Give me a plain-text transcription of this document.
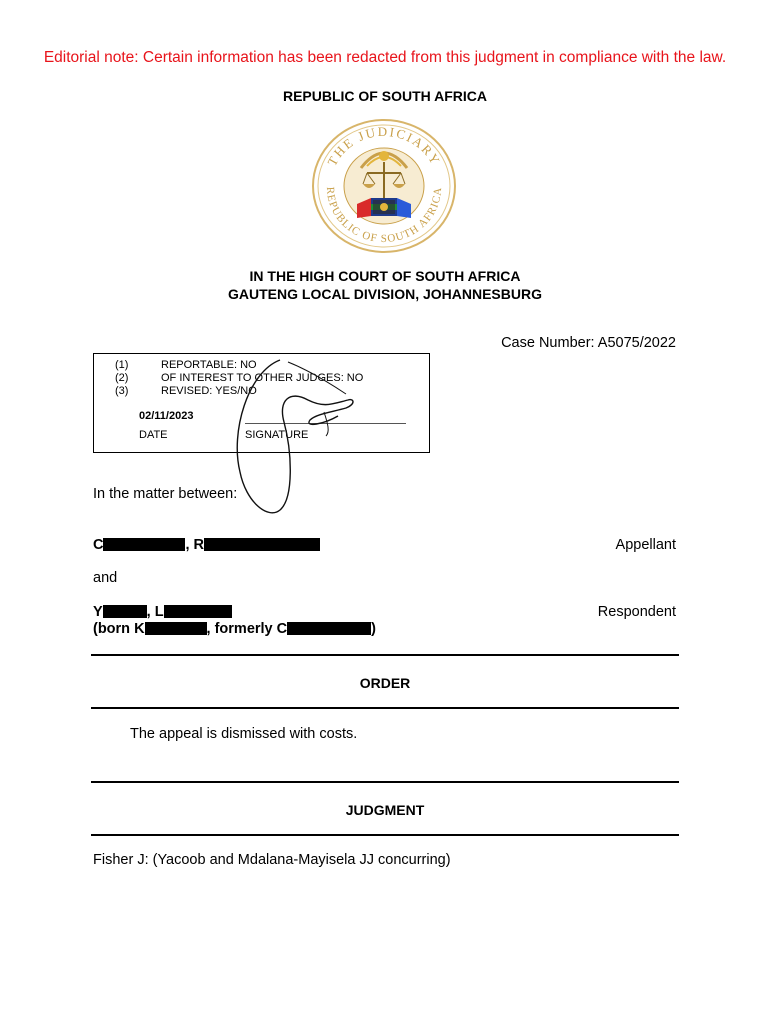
Editorial note: Certain information has been redacted from this judgment in compliance with the law.
REPUBLIC OF SOUTH AFRICA
THE JUDICIARY
REPUBLIC OF SOUTH AFRICA
IN THE HIGH COURT OF SOUTH AFRICA
GAUTENG LOCAL DIVISION, JOHANNESBURG
Case Number: A5075/2022
(1)	REPORTABLE: NO
(2)	OF INTEREST TO OTHER JUDGES: NO
(3)	REVISED: YES/NO
02/11/2023
DATE	SIGNATURE
In the matter between:
C	, R	Appellant
and
Y	, L
(born K	, formerly C	)
Respondent
ORDER
The appeal is dismissed with costs.
JUDGMENT
Fisher J: (Yacoob and Mdalana-Mayisela JJ concurring)
